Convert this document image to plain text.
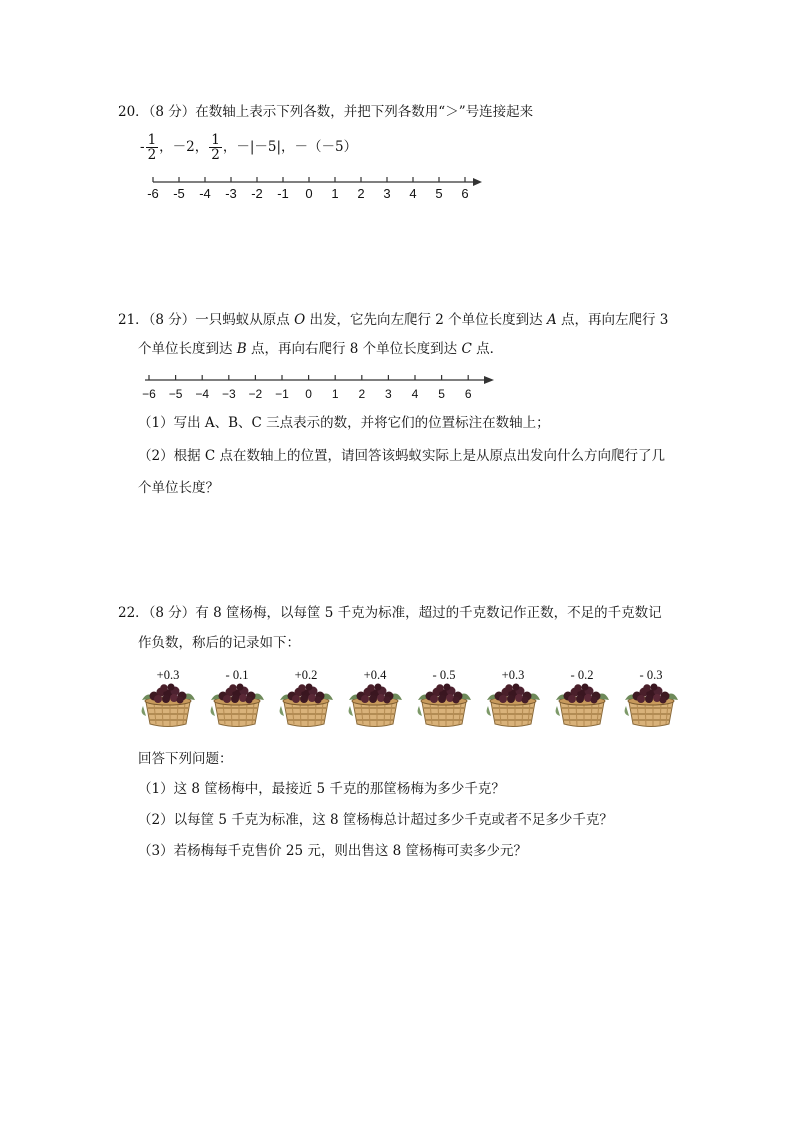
20．（8 分）在数轴上表示下列各数，并把下列各数用“＞”号连接起来
- $\frac{1}{2}$ ，－2， $\frac{1}{2}$ ，－|－5|，－（－5）
-6 -5 -4 -3 -2 -1 0 1 2 3 4 5 6
21．（8 分）一只蚂蚁从原点 O 出发，它先向左爬行 2 个单位长度到达 A 点，再向左爬行 3
个单位长度到达 B 点，再向右爬行 8 个单位长度到达 C 点．
−6 −5 −4 −3 −2 −1 0 1 2 3 4 5 6
（1）写出 A、B、C 三点表示的数，并将它们的位置标注在数轴上；
（2）根据 C 点在数轴上的位置，请回答该蚂蚁实际上是从原点出发向什么方向爬行了几
个单位长度？
22．（8 分）有 8 筐杨梅，以每筐 5 千克为标准，超过的千克数记作正数，不足的千克数记
作负数，称后的记录如下：
+0.3	- 0.1	+0.2	+0.4	- 0.5	+0.3	- 0.2	- 0.3
回答下列问题：
（1）这 8 筐杨梅中，最接近 5 千克的那筐杨梅为多少千克？
（2）以每筐 5 千克为标准，这 8 筐杨梅总计超过多少千克或者不足多少千克？
（3）若杨梅每千克售价 25 元，则出售这 8 筐杨梅可卖多少元？
